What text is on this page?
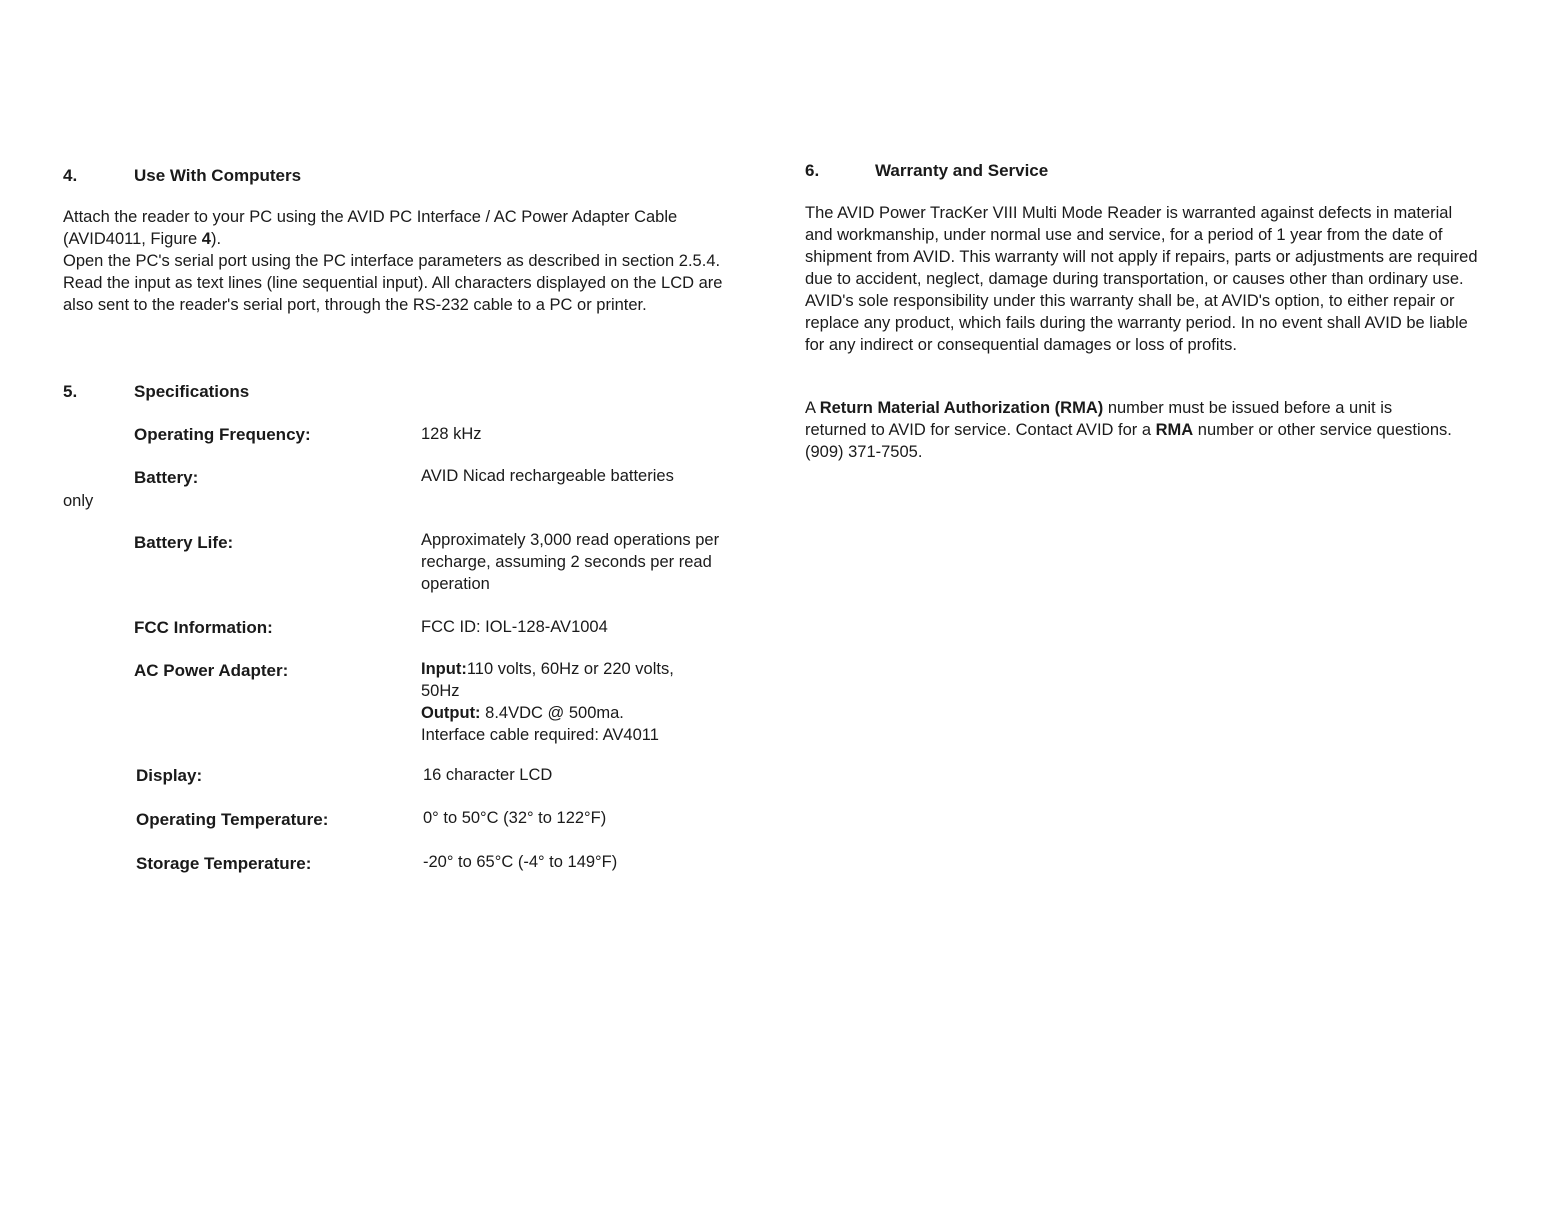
4.	Use With Computers
Attach the reader to your PC using the AVID PC Interface / AC Power Adapter Cable (AVID4011, Figure 4).
Open the PC's serial port using the PC interface parameters as described in section 2.5.4. Read the input as text lines (line sequential input). All characters displayed on the LCD are also sent to the reader's serial port, through the RS-232 cable to a PC or printer.
5.	Specifications
Operating Frequency:	128 kHz
Battery:	AVID Nicad rechargeable batteries
only
Battery Life:	Approximately 3,000 read operations per recharge, assuming 2 seconds per read operation
FCC Information:	FCC ID: IOL-128-AV1004
AC Power Adapter:	Input:110 volts, 60Hz or 220 volts, 50Hz
Output: 8.4VDC @ 500ma.
Interface cable required: AV4011
Display:	16 character LCD
Operating Temperature:	0° to 50°C (32° to 122°F)
Storage Temperature:	-20° to 65°C (-4° to 149°F)
6.	Warranty and Service
The AVID Power TracKer VIII Multi Mode Reader is warranted against defects in material and workmanship, under normal use and service, for a period of 1 year from the date of shipment from AVID. This warranty will not apply if repairs, parts or adjustments are required due to accident, neglect, damage during transportation, or causes other than ordinary use. AVID's sole responsibility under this warranty shall be, at AVID's option, to either repair or replace any product, which fails during the warranty period. In no event shall AVID be liable for any indirect or consequential damages or loss of profits.
A Return Material Authorization (RMA) number must be issued before a unit is returned to AVID for service. Contact AVID for a RMA number or other service questions. (909) 371-7505.
